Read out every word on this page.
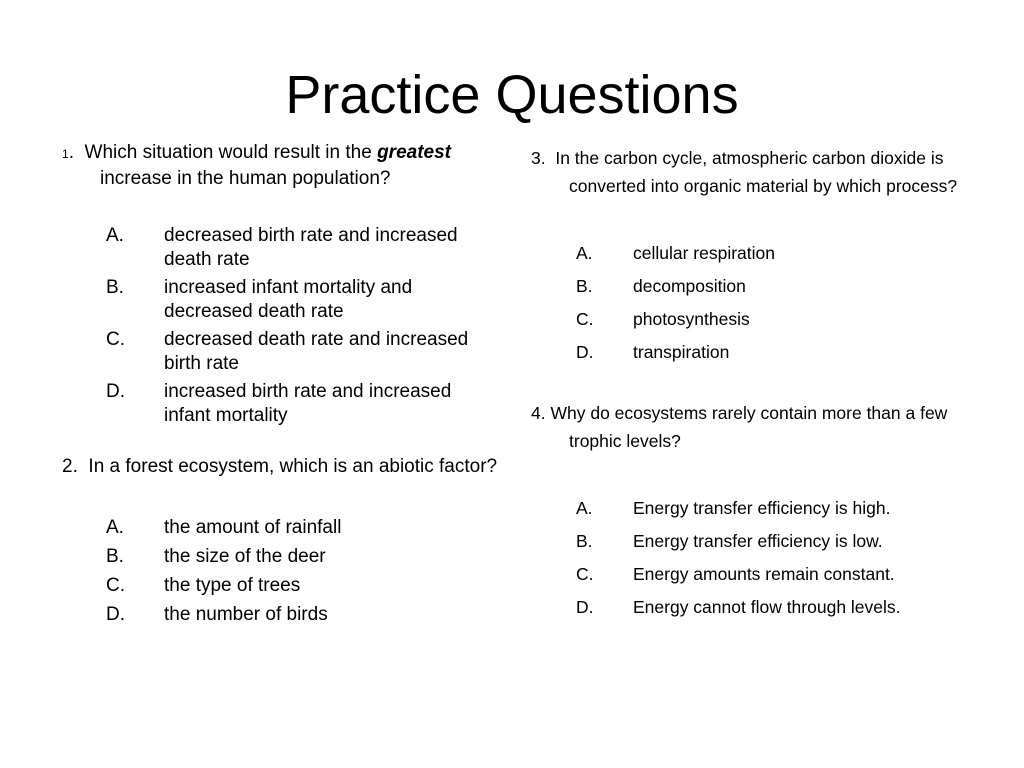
Practice Questions

1. Which situation would result in the greatest increase in the human population?

A. decreased birth rate and increased death rate
B. increased infant mortality and decreased death rate
C. decreased death rate and increased birth rate
D. increased birth rate and increased infant mortality

2. In a forest ecosystem, which is an abiotic factor?

A. the amount of rainfall
B. the size of the deer
C. the type of trees
D. the number of birds

3. In the carbon cycle, atmospheric carbon dioxide is converted into organic material by which process?

A. cellular respiration
B. decomposition
C. photosynthesis
D. transpiration

4. Why do ecosystems rarely contain more than a few trophic levels?

A. Energy transfer efficiency is high.
B. Energy transfer efficiency is low.
C. Energy amounts remain constant.
D. Energy cannot flow through levels.
